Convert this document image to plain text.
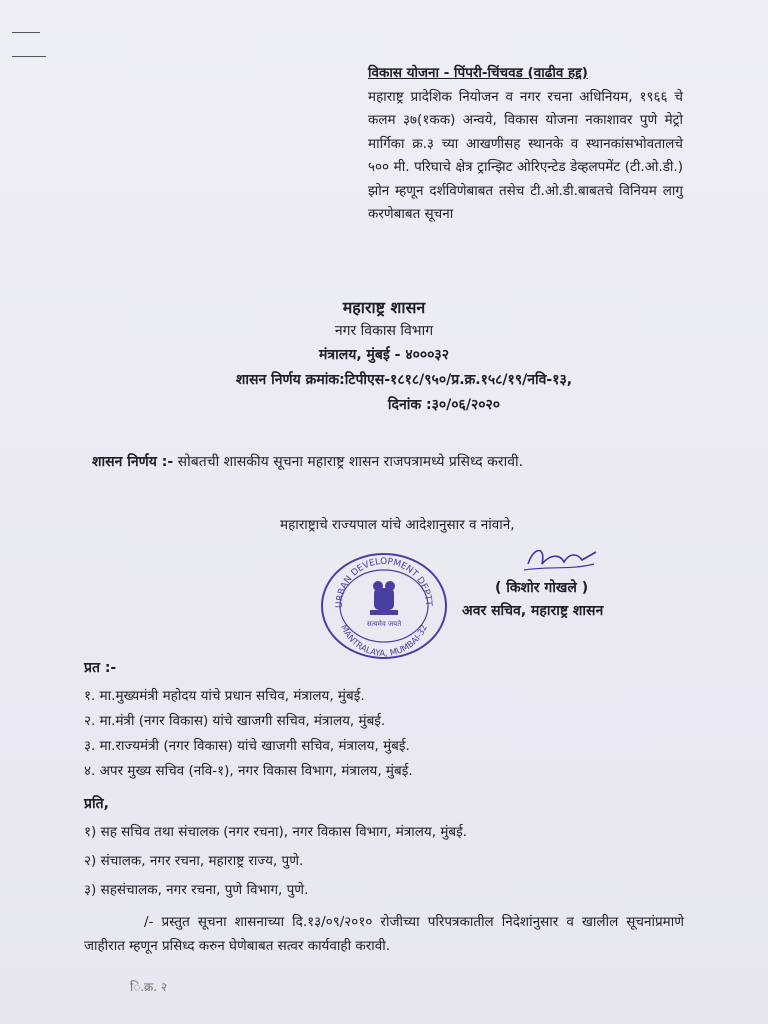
विकास योजना - पिंपरी-चिंचवड (वाढीव हद्द)
महाराष्ट्र प्रादेशिक नियोजन व नगर रचना अधिनियम, १९६६ चे कलम ३७(१कक) अन्वये, विकास योजना नकाशावर पुणे मेट्रो मार्गिका क्र.३ च्या आखणीसह स्थानके व स्थानकांसभोवतालचे ५०० मी. परिघाचे क्षेत्र ट्रान्झिट ओरिएन्टेड डेव्हलपमेंट (टी.ओ.डी.) झोन म्हणून दर्शविणेबाबत तसेच टी.ओ.डी.बाबतचे विनियम लागु करणेबाबत सूचना
महाराष्ट्र शासन
नगर विकास विभाग
मंत्रालय, मुंबई - ४०००३२
शासन निर्णय क्रमांक:टिपीएस-१८१८/९५०/प्र.क्र.१५८/१९/नवि-१३,
दिनांक :३०/०६/२०२०
शासन निर्णय :- सोबतची शासकीय सूचना महाराष्ट्र शासन राजपत्रामध्ये प्रसिध्द करावी.
महाराष्ट्राचे राज्यपाल यांचे आदेशानुसार व नांवाने,
URBAN DEVELOPMENT DEPTT
MANTRALAYA, MUMBAI-32
सत्यमेव जयते
( किशोर गोखले )
अवर सचिव, महाराष्ट्र शासन
प्रत :-
१. मा.मुख्यमंत्री महोदय यांचे प्रधान सचिव, मंत्रालय, मुंबई.
२. मा.मंत्री (नगर विकास) यांचे खाजगी सचिव, मंत्रालय, मुंबई.
३. मा.राज्यमंत्री (नगर विकास) यांचे खाजगी सचिव, मंत्रालय, मुंबई.
४. अपर मुख्य सचिव (नवि-१), नगर विकास विभाग, मंत्रालय, मुंबई.
प्रति,
१) सह सचिव तथा संचालक (नगर रचना), नगर विकास विभाग, मंत्रालय, मुंबई.
२) संचालक, नगर रचना, महाराष्ट्र राज्य, पुणे.
३) सहसंचालक, नगर रचना, पुणे विभाग, पुणे.
/- प्रस्तुत सूचना शासनाच्या दि.१३/०९/२०१० रोजीच्या परिपत्रकातील निदेशांनुसार व खालील सूचनांप्रमाणे जाहीरात म्हणून प्रसिध्द करुन घेणेबाबत सत्वर कार्यवाही करावी.
ि.क्र. २
